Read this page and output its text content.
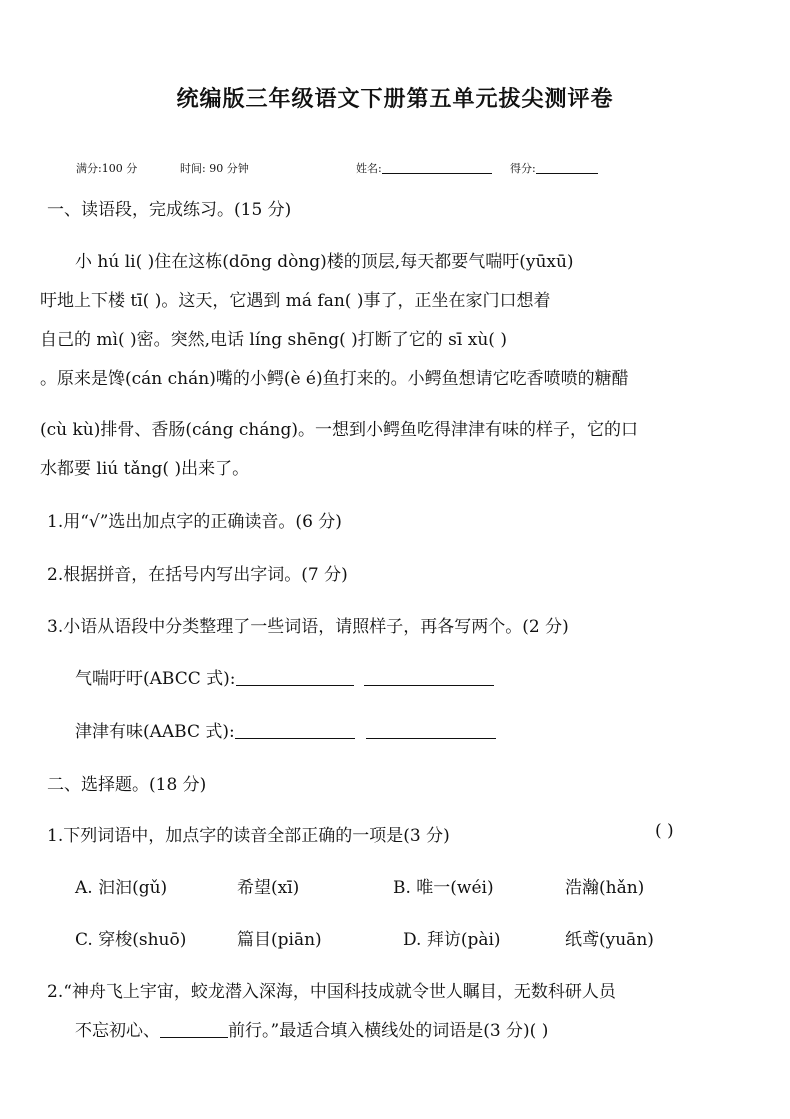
统编版三年级语文下册第五单元拔尖测评卷
满分:100 分	时间: 90 分钟	姓名:	得分:
一、读语段，完成练习。(15 分)
小 hú li( )住在这栋(dōng dòng)楼的顶层,每天都要气喘吁(yūxū)
吁地上下楼 tī( )。这天，它遇到 má fan( )事了，正坐在家门口想着
自己的 mì( )密。突然,电话 líng shēng( )打断了它的 sī xù( )
。原来是馋(cán chán)嘴的小鳄(è é)鱼打来的。小鳄鱼想请它吃香喷喷的糖醋
(cù kù)排骨、香肠(cáng cháng)。一想到小鳄鱼吃得津津有味的样子，它的口
水都要 liú tǎng( )出来了。
1.用“√”选出加点字的正确读音。(6 分)
2.根据拼音，在括号内写出字词。(7 分)
3.小语从语段中分类整理了一些词语，请照样子，再各写两个。(2 分)
气喘吁吁(ABCC 式):
津津有味(AABC 式):
二、选择题。(18 分)
1.下列词语中，加点字的读音全部正确的一项是(3 分)	( )
A. 汩汩(gǔ)	希望(xī)	B. 唯一(wéi)	浩瀚(hǎn)
C. 穿梭(shuō)	篇目(piān)	D. 拜访(pài)	纸鸢(yuān)
2.“神舟飞上宇宙，蛟龙潜入深海，中国科技成就令世人瞩目，无数科研人员
不忘初心、	前行。”最适合填入横线处的词语是(3 分)( )
